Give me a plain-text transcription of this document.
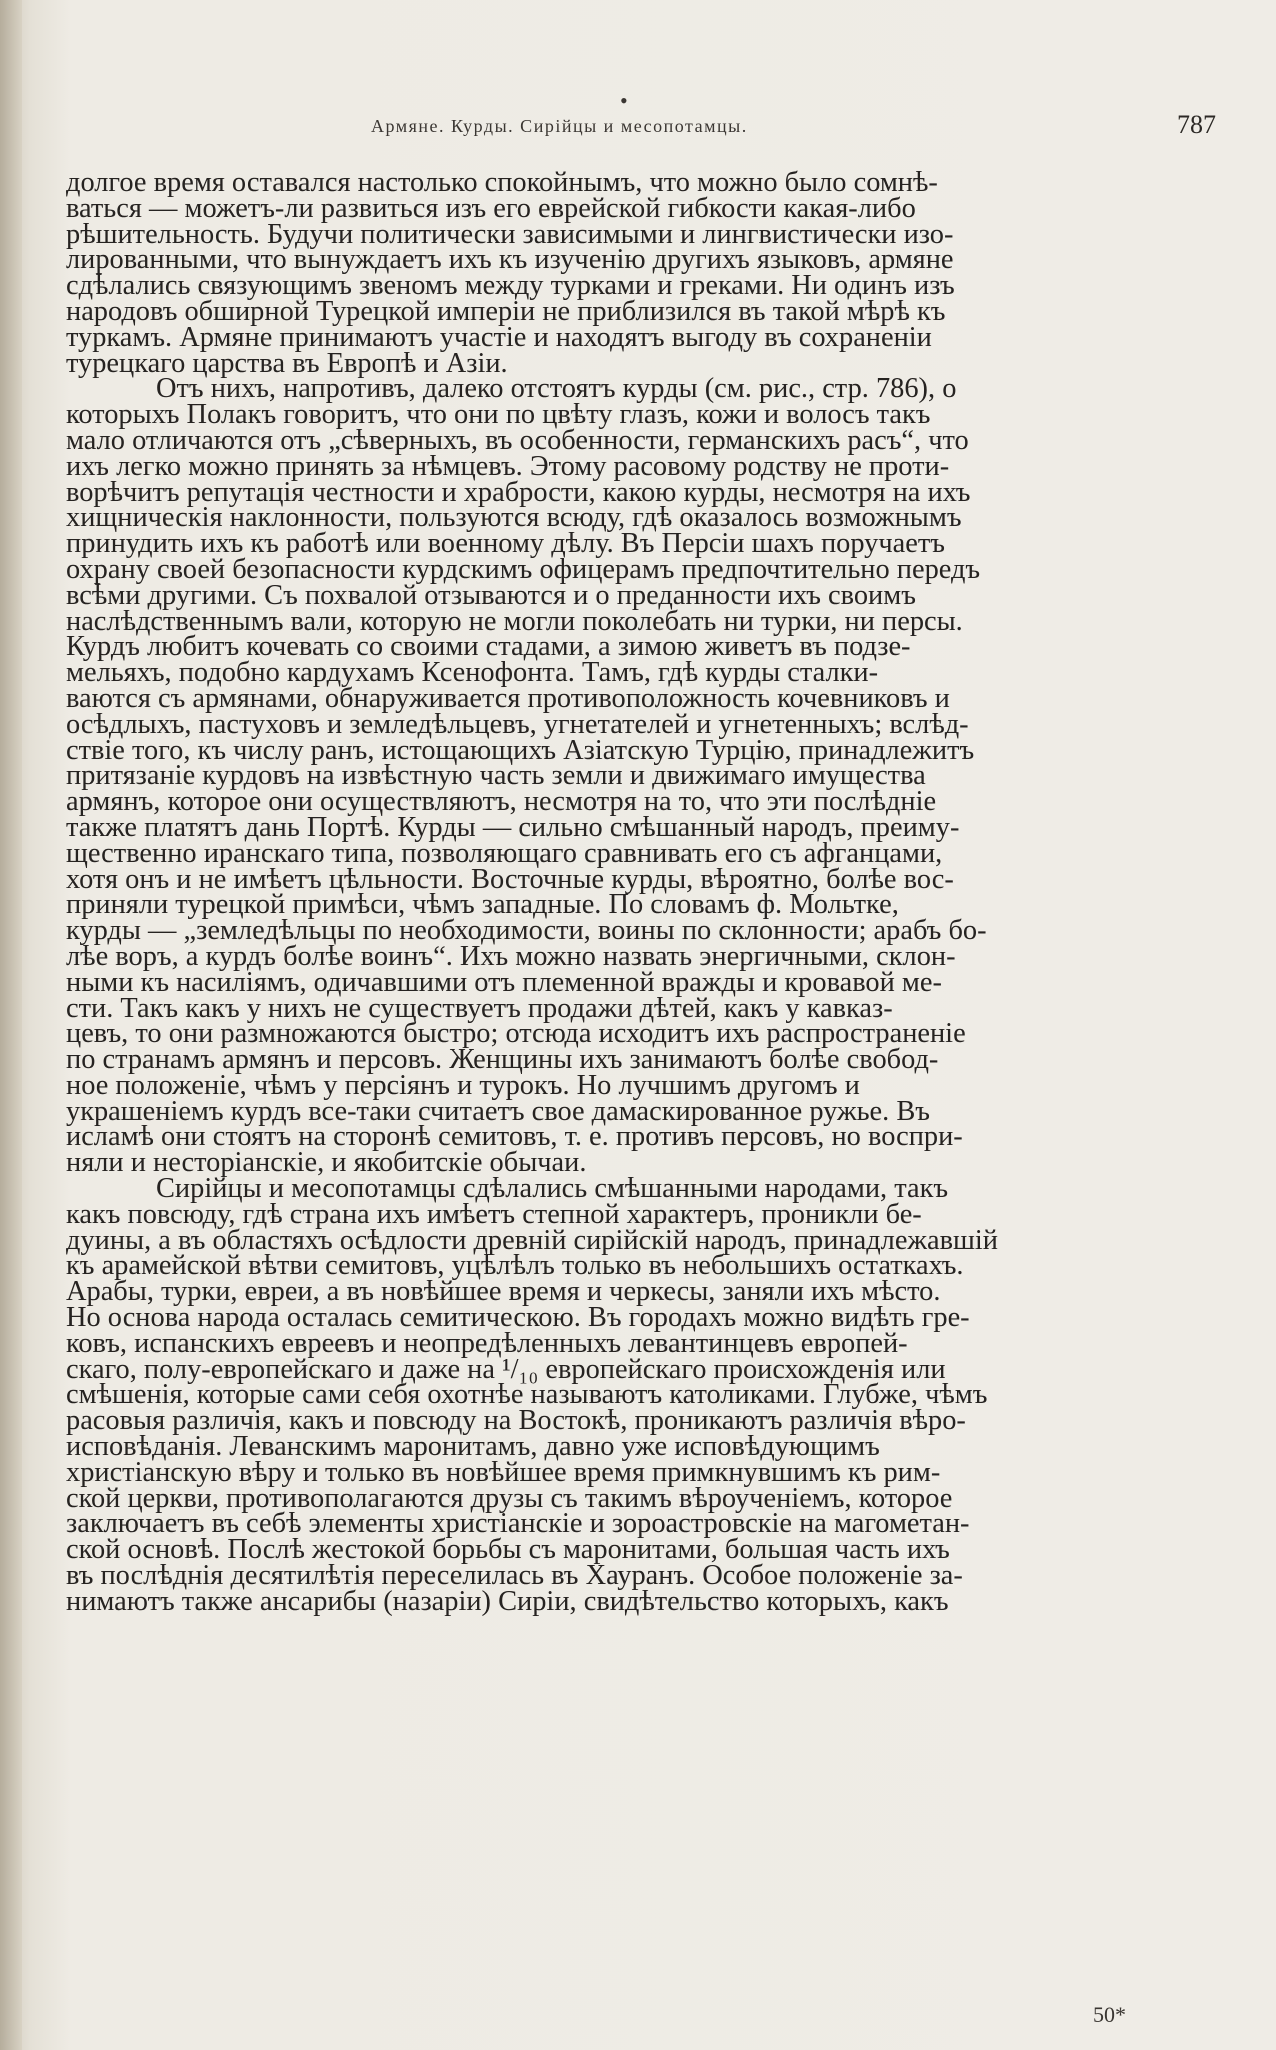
•
Армяне. Курды. Сирійцы и месопотамцы.	787
долгое время оставался настолько спокойнымъ, что можно было сомнѣ-
ваться — можетъ-ли развиться изъ его еврейской гибкости какая-либо
рѣшительность. Будучи политически зависимыми и лингвистически изо-
лированными, что вынуждаетъ ихъ къ изученію другихъ языковъ, армяне
сдѣлались связующимъ звеномъ между турками и греками. Ни одинъ изъ
народовъ обширной Турецкой имперіи не приблизился въ такой мѣрѣ къ
туркамъ. Армяне принимаютъ участіе и находятъ выгоду въ сохраненіи
турецкаго царства въ Европѣ и Азіи.
Отъ нихъ, напротивъ, далеко отстоятъ курды (см. рис., стр. 786), о
которыхъ Полакъ говоритъ, что они по цвѣту глазъ, кожи и волосъ такъ
мало отличаются отъ „сѣверныхъ, въ особенности, германскихъ расъ“, что
ихъ легко можно принять за нѣмцевъ. Этому расовому родству не проти-
ворѣчитъ репутація честности и храбрости, какою курды, несмотря на ихъ
хищническія наклонности, пользуются всюду, гдѣ оказалось возможнымъ
принудить ихъ къ работѣ или военному дѣлу. Въ Персіи шахъ поручаетъ
охрану своей безопасности курдскимъ офицерамъ предпочтительно передъ
всѣми другими. Съ похвалой отзываются и о преданности ихъ своимъ
наслѣдственнымъ вали, которую не могли поколебать ни турки, ни персы.
Курдъ любитъ кочевать со своими стадами, а зимою живетъ въ подзе-
мельяхъ, подобно кардухамъ Ксенофонта. Тамъ, гдѣ курды сталки-
ваются съ армянами, обнаруживается противоположность кочевниковъ и
осѣдлыхъ, пастуховъ и земледѣльцевъ, угнетателей и угнетенныхъ; вслѣд-
ствіе того, къ числу ранъ, истощающихъ Азіатскую Турцію, принадлежитъ
притязаніе курдовъ на извѣстную часть земли и движимаго имущества
армянъ, которое они осуществляютъ, несмотря на то, что эти послѣдніе
также платятъ дань Портѣ. Курды — сильно смѣшанный народъ, преиму-
щественно иранскаго типа, позволяющаго сравнивать его съ афганцами,
хотя онъ и не имѣетъ цѣльности. Восточные курды, вѣроятно, болѣе вос-
приняли турецкой примѣси, чѣмъ западные. По словамъ ф. Мольтке,
курды — „земледѣльцы по необходимости, воины по склонности; арабъ бо-
лѣе воръ, а курдъ болѣе воинъ“. Ихъ можно назвать энергичными, склон-
ными къ насиліямъ, одичавшими отъ племенной вражды и кровавой ме-
сти. Такъ какъ у нихъ не существуетъ продажи дѣтей, какъ у кавказ-
цевъ, то они размножаются быстро; отсюда исходитъ ихъ распространеніе
по странамъ армянъ и персовъ. Женщины ихъ занимаютъ болѣе свобод-
ное положеніе, чѣмъ у персіянъ и турокъ. Но лучшимъ другомъ и
украшеніемъ курдъ все-таки считаетъ свое дамаскированное ружье. Въ
исламѣ они стоятъ на сторонѣ семитовъ, т. е. противъ персовъ, но воспри-
няли и несторіанскіе, и якобитскіе обычаи.
Сирійцы и месопотамцы сдѣлались смѣшанными народами, такъ
какъ повсюду, гдѣ страна ихъ имѣетъ степной характеръ, проникли бе-
дуины, а въ областяхъ осѣдлости древній сирійскій народъ, принадлежавшій
къ арамейской вѣтви семитовъ, уцѣлѣлъ только въ небольшихъ остаткахъ.
Арабы, турки, евреи, а въ новѣйшее время и черкесы, заняли ихъ мѣсто.
Но основа народа осталась семитическою. Въ городахъ можно видѣть гре-
ковъ, испанскихъ евреевъ и неопредѣленныхъ левантинцевъ европей-
скаго, полу-европейскаго и даже на ¹/₁₀ европейскаго происхожденія или
смѣшенія, которые сами себя охотнѣе называютъ католиками. Глубже, чѣмъ
расовыя различія, какъ и повсюду на Востокѣ, проникаютъ различія вѣро-
исповѣданія. Леванскимъ маронитамъ, давно уже исповѣдующимъ
христіанскую вѣру и только въ новѣйшее время примкнувшимъ къ рим-
ской церкви, противополагаются друзы съ такимъ вѣроученіемъ, которое
заключаетъ въ себѣ элементы христіанскіе и зороастровскіе на магометан-
ской основѣ. Послѣ жестокой борьбы съ маронитами, большая часть ихъ
въ послѣднія десятилѣтія переселилась въ Хауранъ. Особое положеніе за-
нимаютъ также ансарибы (назаріи) Сиріи, свидѣтельство которыхъ, какъ
50*
